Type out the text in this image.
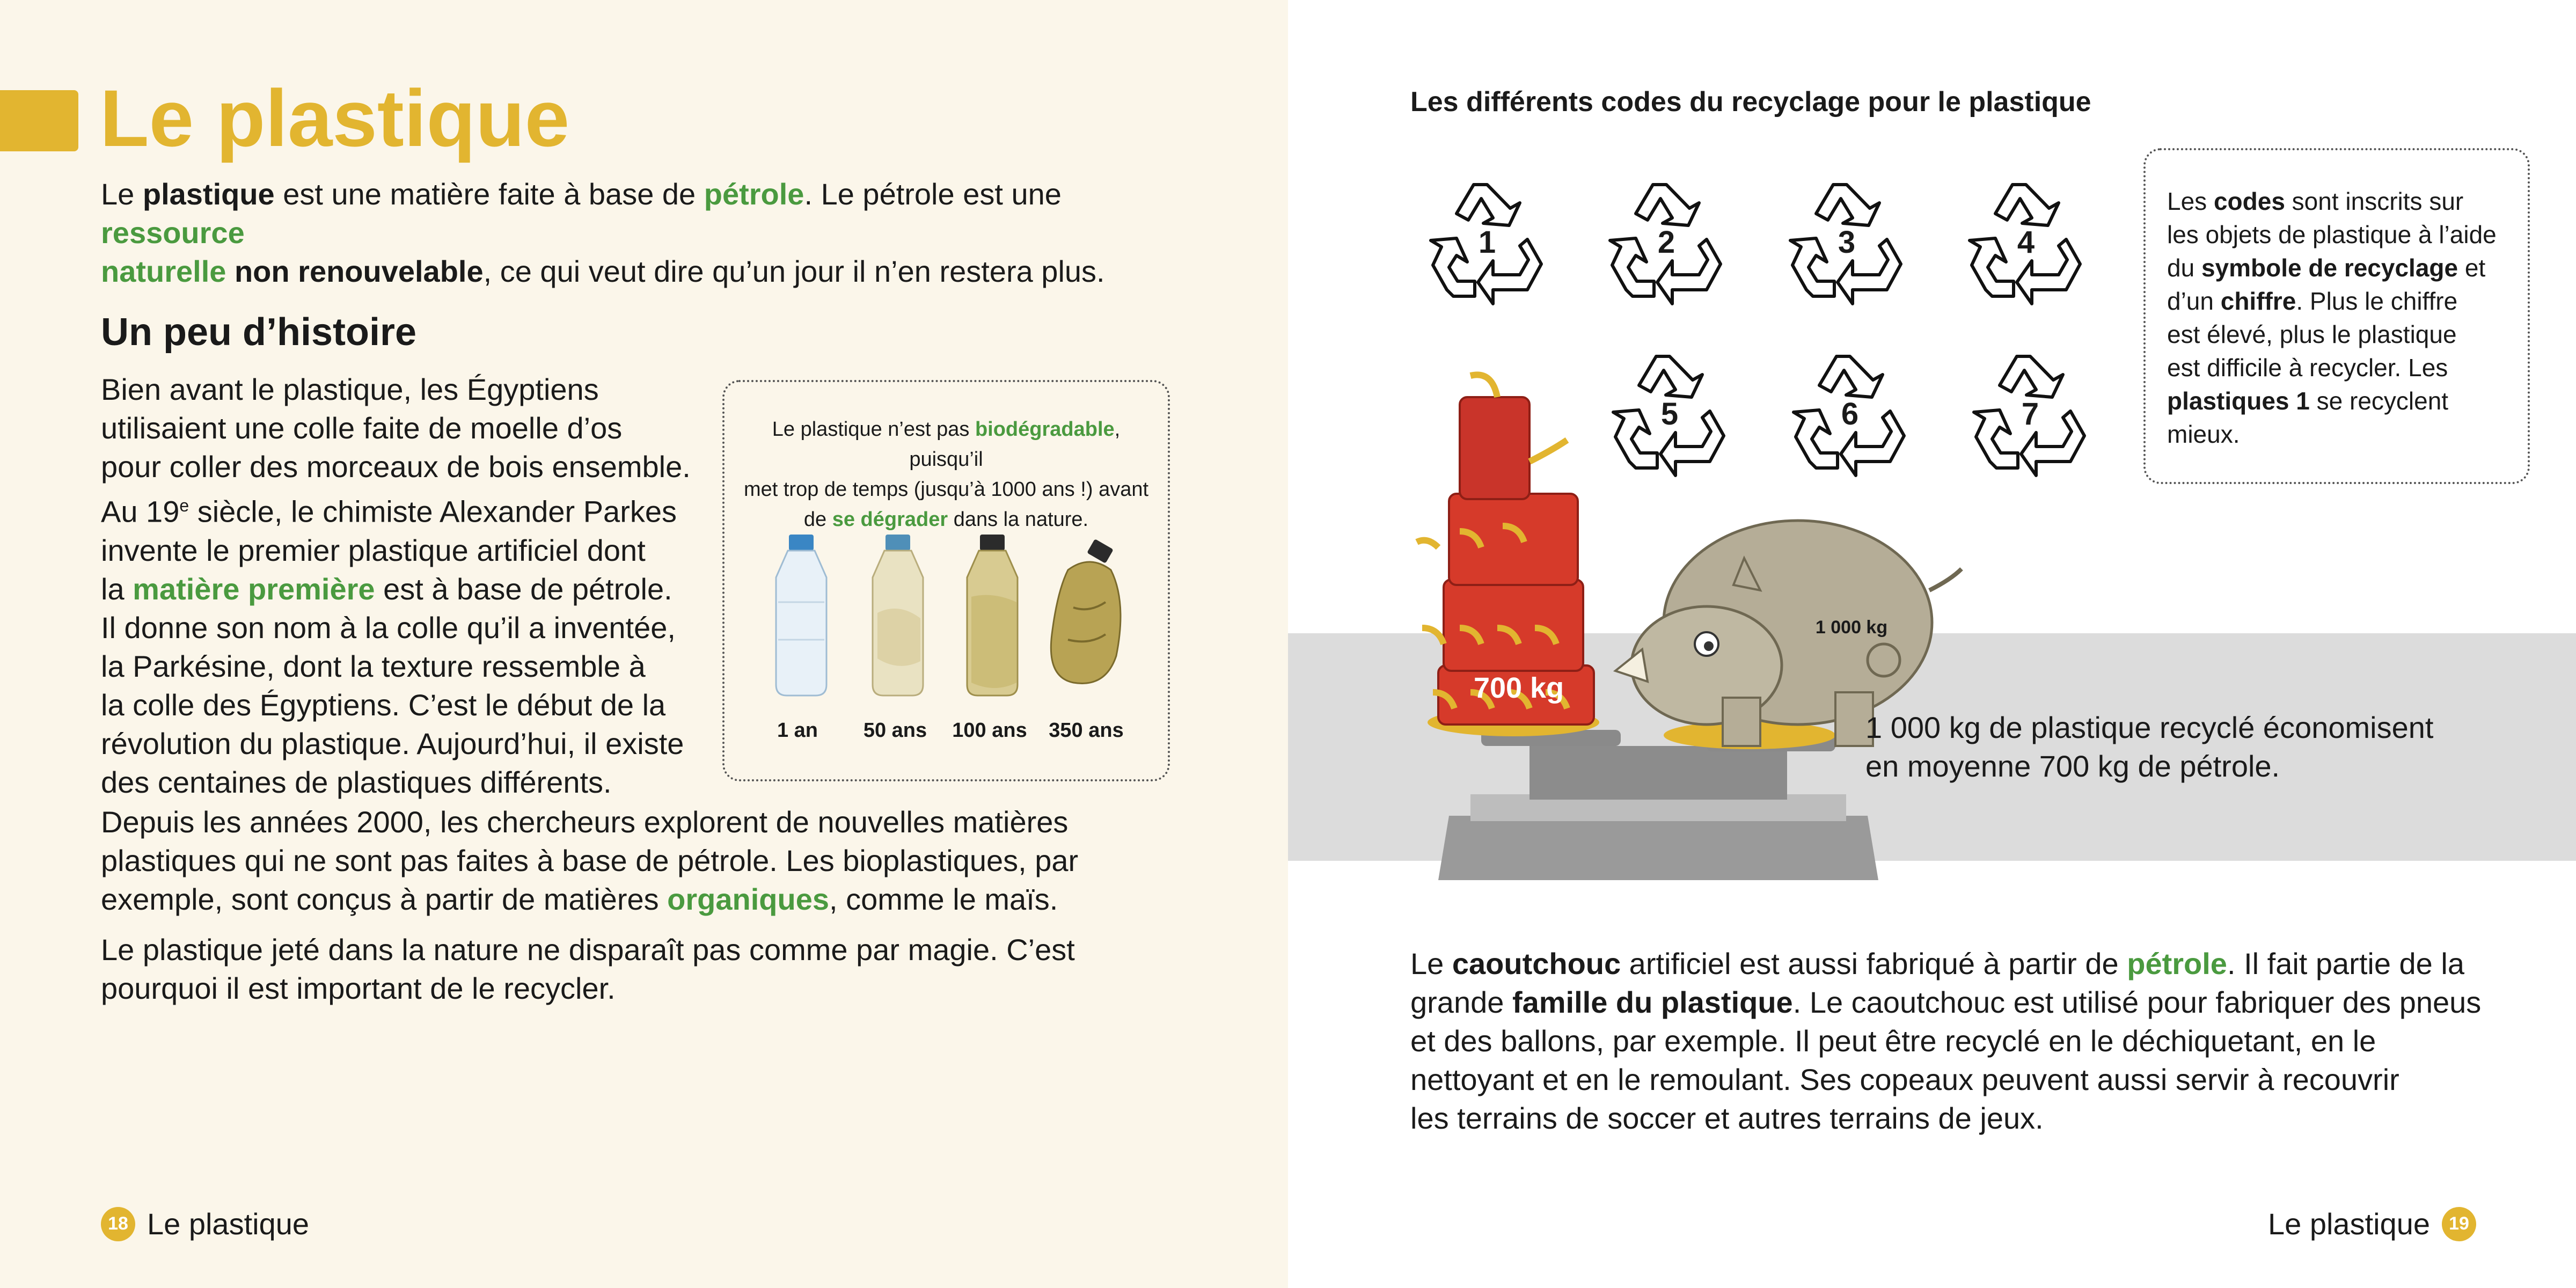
Le plastique

Le plastique est une matière faite à base de pétrole. Le pétrole est une ressource
naturelle non renouvelable, ce qui veut dire qu’un jour il n’en restera plus.

Un peu d’histoire

Bien avant le plastique, les Égyptiens
utilisaient une colle faite de moelle d’os
pour coller des morceaux de bois ensemble.
Au 19e siècle, le chimiste Alexander Parkes
invente le premier plastique artificiel dont
la matière première est à base de pétrole.
Il donne son nom à la colle qu’il a inventée,
la Parkésine, dont la texture ressemble à
la colle des Égyptiens. C’est le début de la
révolution du plastique. Aujourd’hui, il existe
des centaines de plastiques différents.

Le plastique n’est pas biodégradable, puisqu’il
met trop de temps (jusqu’à 1000 ans !) avant
de se dégrader dans la nature.
1 an	50 ans	100 ans	350 ans

Depuis les années 2000, les chercheurs explorent de nouvelles matières
plastiques qui ne sont pas faites à base de pétrole. Les bioplastiques, par
exemple, sont conçus à partir de matières organiques, comme le maïs.

Le plastique jeté dans la nature ne disparaît pas comme par magie. C’est
pourquoi il est important de le recycler.

18 Le plastique
Les différents codes du recyclage pour le plastique
1	2	3	4
5	6	7
Les codes sont inscrits sur
les objets de plastique à l’aide
du symbole de recyclage et
d’un chiffre. Plus le chiffre
est élevé, plus le plastique
est difficile à recycler. Les
plastiques 1 se recyclent
mieux.
700 kg
1 000 kg
1 000 kg de plastique recyclé économisent
en moyenne 700 kg de pétrole.

Le caoutchouc artificiel est aussi fabriqué à partir de pétrole. Il fait partie de la
grande famille du plastique. Le caoutchouc est utilisé pour fabriquer des pneus
et des ballons, par exemple. Il peut être recyclé en le déchiquetant, en le
nettoyant et en le remoulant. Ses copeaux peuvent aussi servir à recouvrir
les terrains de soccer et autres terrains de jeux.

Le plastique	19
